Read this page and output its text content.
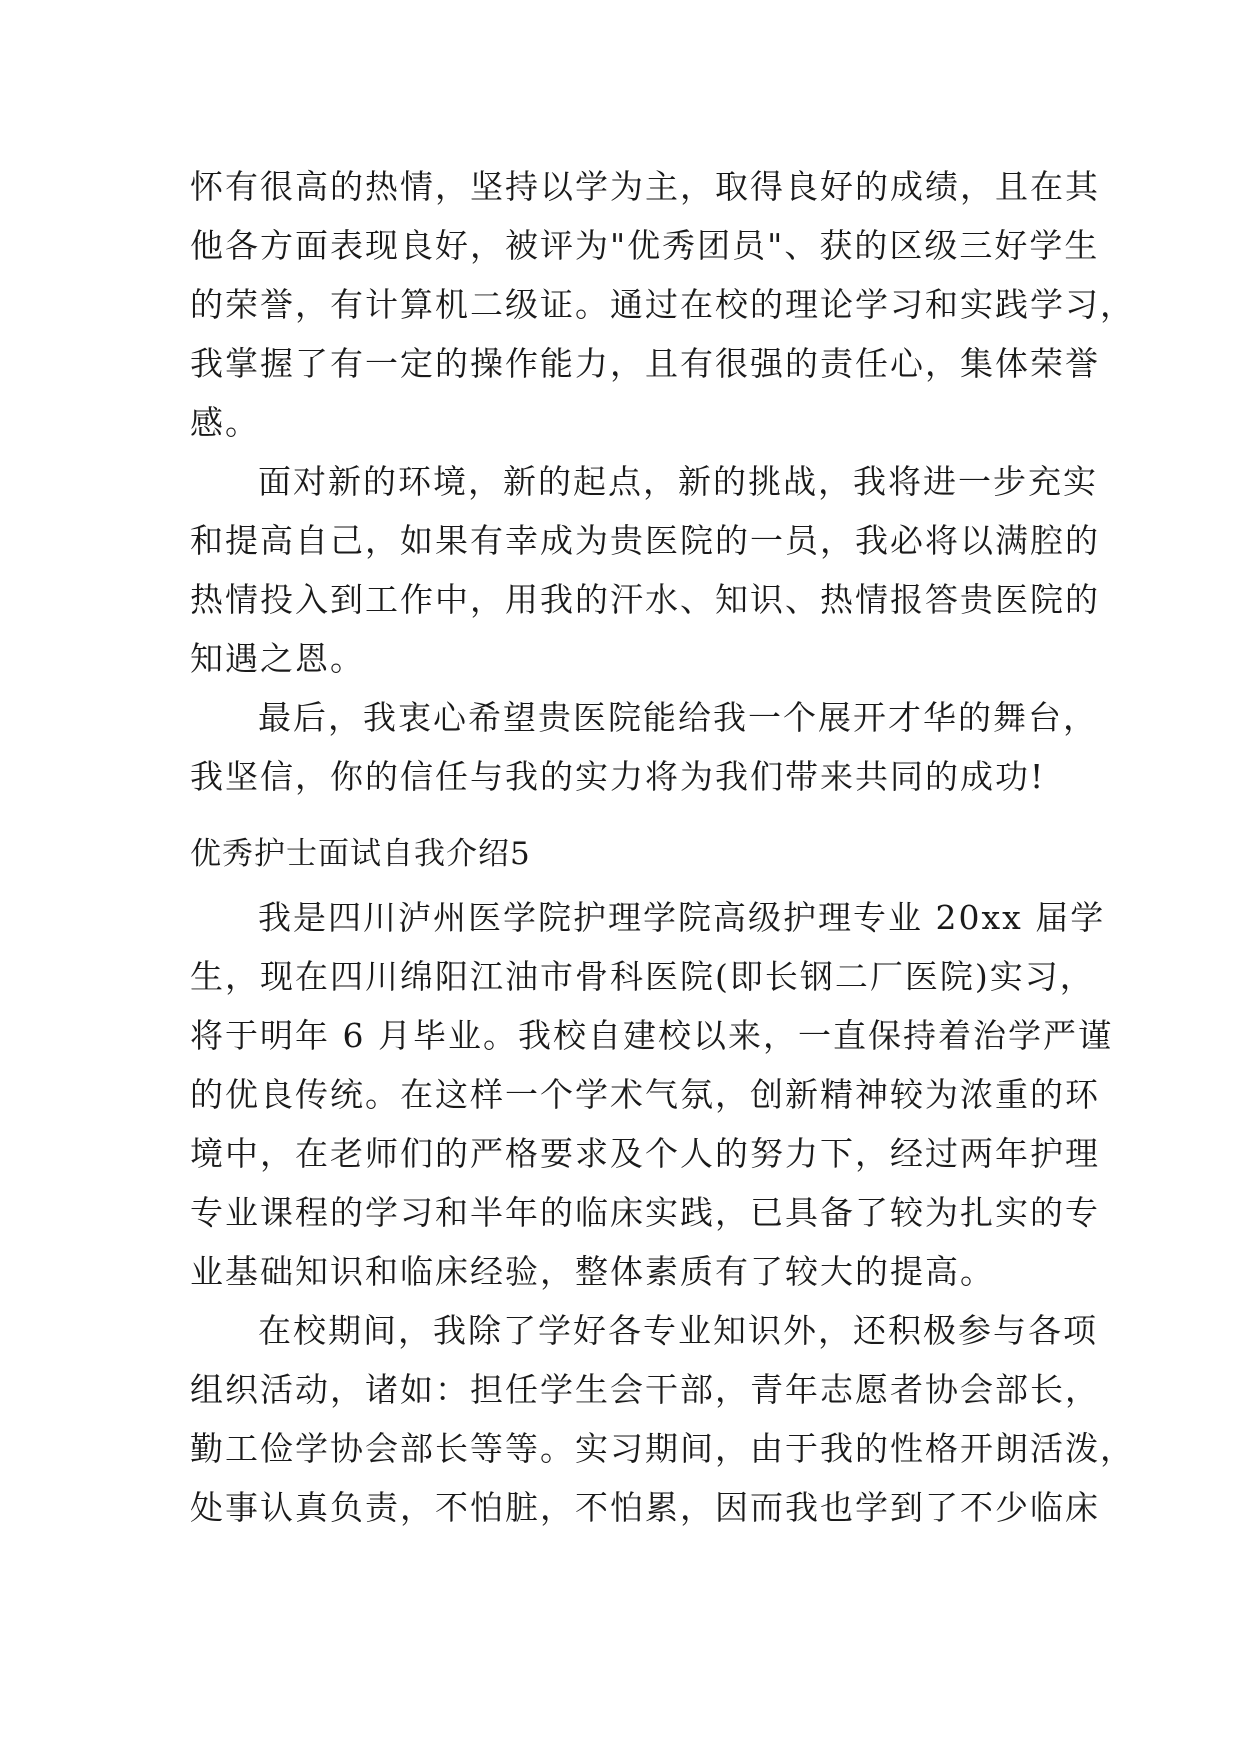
怀有很高的热情，坚持以学为主，取得良好的成绩，且在其
他各方面表现良好，被评为"优秀团员"、获的区级三好学生
的荣誉，有计算机二级证。通过在校的理论学习和实践学习，
我掌握了有一定的操作能力，且有很强的责任心，集体荣誉
感。
面对新的环境，新的起点，新的挑战，我将进一步充实
和提高自己，如果有幸成为贵医院的一员，我必将以满腔的
热情投入到工作中，用我的汗水、知识、热情报答贵医院的
知遇之恩。
最后，我衷心希望贵医院能给我一个展开才华的舞台，
我坚信，你的信任与我的实力将为我们带来共同的成功!
优秀护士面试自我介绍5
我是四川泸州医学院护理学院高级护理专业 20xx 届学
生，现在四川绵阳江油市骨科医院(即长钢二厂医院)实习，
将于明年 6 月毕业。我校自建校以来，一直保持着治学严谨
的优良传统。在这样一个学术气氛，创新精神较为浓重的环
境中，在老师们的严格要求及个人的努力下，经过两年护理
专业课程的学习和半年的临床实践，已具备了较为扎实的专
业基础知识和临床经验，整体素质有了较大的提高。
在校期间，我除了学好各专业知识外，还积极参与各项
组织活动，诸如：担任学生会干部，青年志愿者协会部长，
勤工俭学协会部长等等。实习期间，由于我的性格开朗活泼，
处事认真负责，不怕脏，不怕累，因而我也学到了不少临床
